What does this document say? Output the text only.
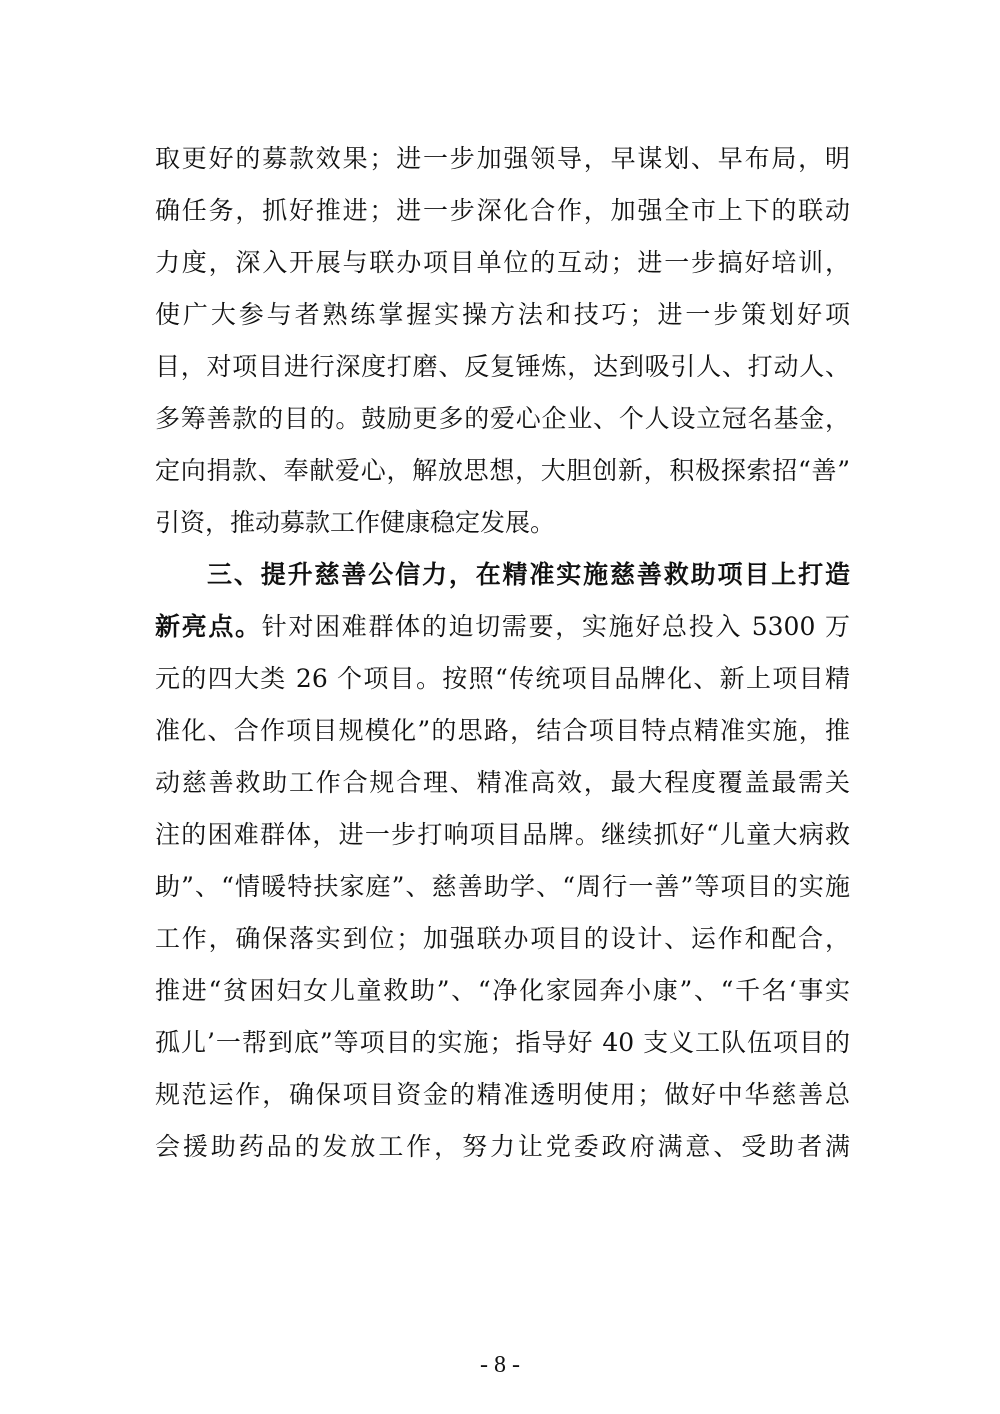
取更好的募款效果；进一步加强领导，早谋划、早布局，明
确任务，抓好推进；进一步深化合作，加强全市上下的联动
力度，深入开展与联办项目单位的互动；进一步搞好培训，
使广大参与者熟练掌握实操方法和技巧；进一步策划好项
目，对项目进行深度打磨、反复锤炼，达到吸引人、打动人、
多筹善款的目的。鼓励更多的爱心企业、个人设立冠名基金，
定向捐款、奉献爱心，解放思想，大胆创新，积极探索招“善”
引资，推动募款工作健康稳定发展。
三、提升慈善公信力，在精准实施慈善救助项目上打造
新亮点。针对困难群体的迫切需要，实施好总投入 5300 万
元的四大类 26 个项目。按照“传统项目品牌化、新上项目精
准化、合作项目规模化”的思路，结合项目特点精准实施，推
动慈善救助工作合规合理、精准高效，最大程度覆盖最需关
注的困难群体，进一步打响项目品牌。继续抓好“儿童大病救
助”、“情暖特扶家庭”、慈善助学、“周行一善”等项目的实施
工作，确保落实到位；加强联办项目的设计、运作和配合，
推进“贫困妇女儿童救助”、“净化家园奔小康”、“千名‘事实
孤儿’一帮到底”等项目的实施；指导好 40 支义工队伍项目的
规范运作，确保项目资金的精准透明使用；做好中华慈善总
会援助药品的发放工作，努力让党委政府满意、受助者满
- 8 -
